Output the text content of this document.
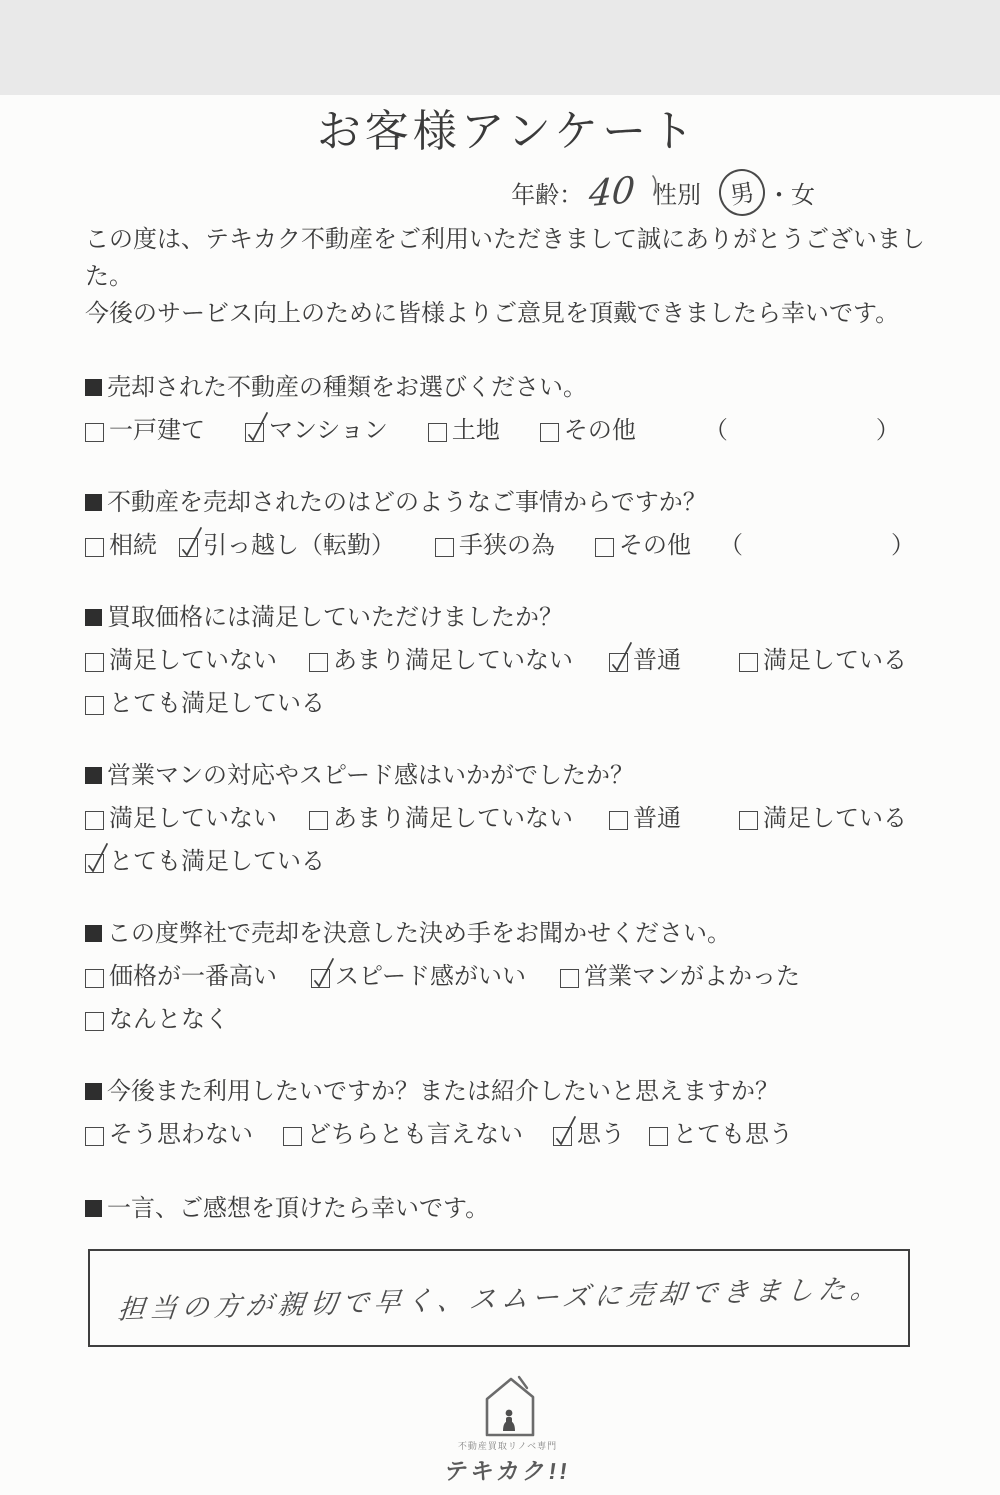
お客様アンケート
年齢： 40 性別	男 ・ 女

この度は、テキカク不動産をご利用いただきまして誠にありがとうございました。

今後のサービス向上のために皆様よりご意見を頂戴できましたら幸いです。

売却された不動産の種類をお選びください。
一戸建て	マンション	土地	その他	（	）
不動産を売却されたのはどのようなご事情からですか？
相続 引っ越し（転勤）	手狭の為	その他 （	）
買取価格には満足していただけましたか？
満足していない あまり満足していない	普通	満足している
とても満足している
営業マンの対応やスピード感はいかがでしたか？
満足していない あまり満足していない	普通	満足している
とても満足している
この度弊社で売却を決意した決め手をお聞かせください。
価格が一番高い スピード感がいい 営業マンがよかった
なんとなく
今後また利用したいですか？または紹介したいと思えますか？
そう思わない どちらとも言えない 思う とても思う
一言、ご感想を頂けたら幸いです。
担当の方が親切で早く、スムーズに売却できました。
不動産買取リノベ専門
テキカク!!
